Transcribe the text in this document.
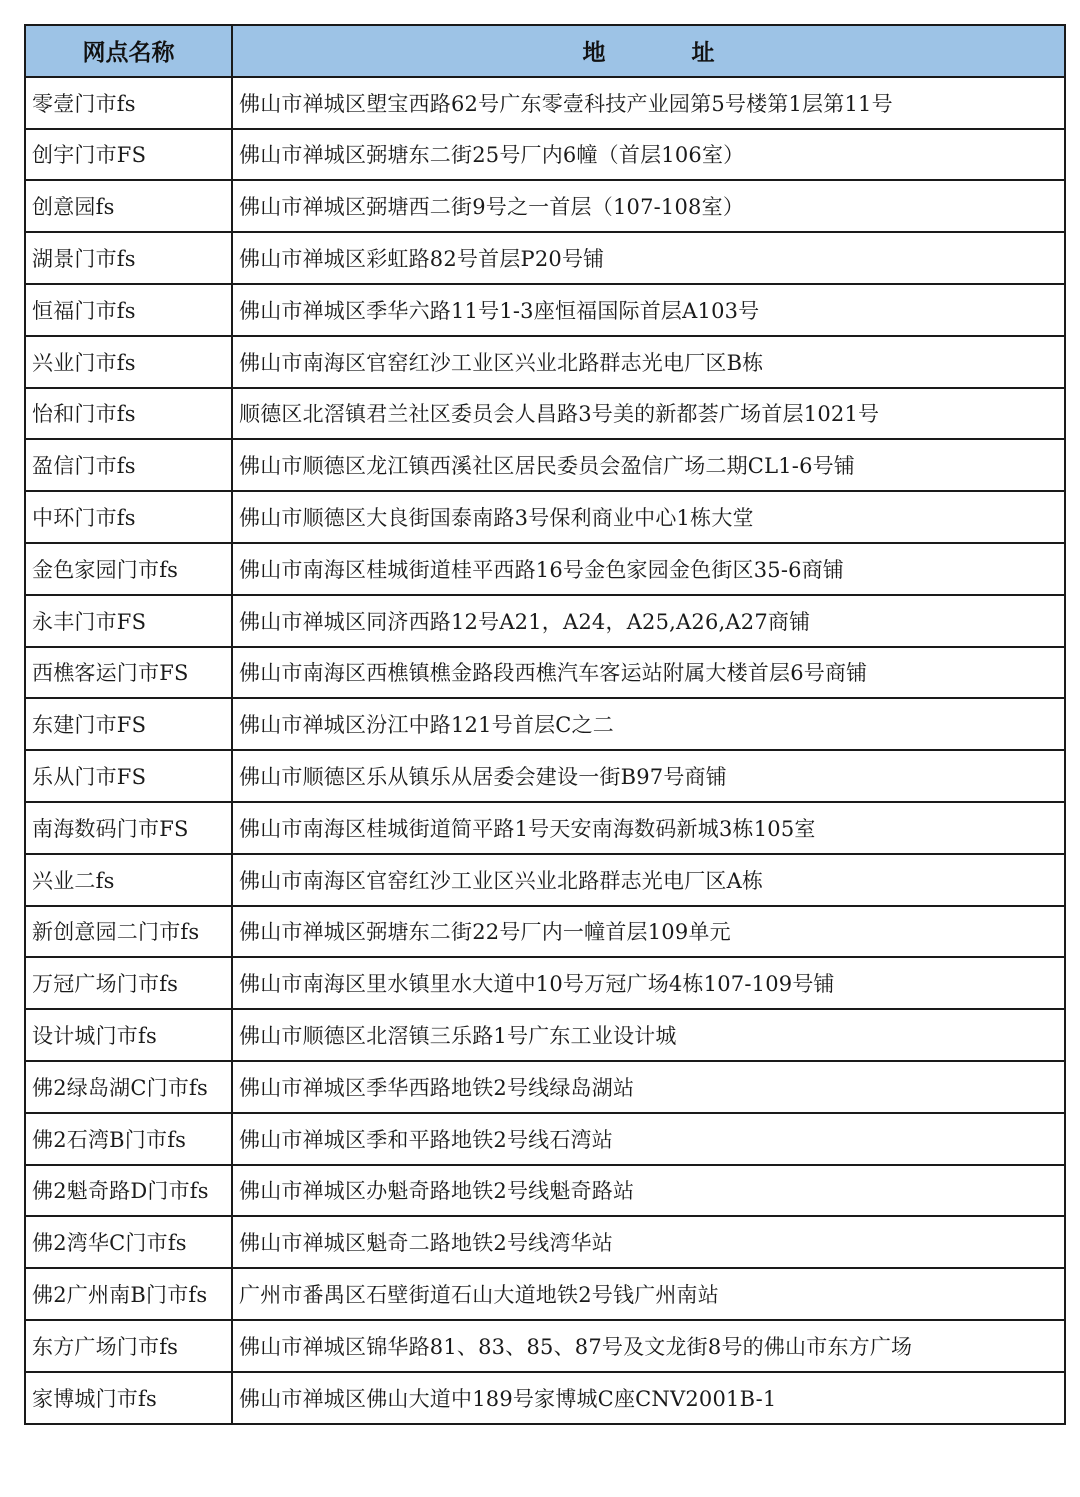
网点名称	地 址
零壹门市fs	佛山市禅城区塱宝西路62号广东零壹科技产业园第5号楼第1层第11号
创宇门市FS	佛山市禅城区弼塘东二街25号厂内6幢（首层106室）
创意园fs	佛山市禅城区弼塘西二街9号之一首层（107-108室）
湖景门市fs	佛山市禅城区彩虹路82号首层P20号铺
恒福门市fs	佛山市禅城区季华六路11号1-3座恒福国际首层A103号
兴业门市fs	佛山市南海区官窑红沙工业区兴业北路群志光电厂区B栋
怡和门市fs	顺德区北滘镇君兰社区委员会人昌路3号美的新都荟广场首层1021号
盈信门市fs	佛山市顺德区龙江镇西溪社区居民委员会盈信广场二期CL1-6号铺
中环门市fs	佛山市顺德区大良街国泰南路3号保利商业中心1栋大堂
金色家园门市fs	佛山市南海区桂城街道桂平西路16号金色家园金色街区35-6商铺
永丰门市FS	佛山市禅城区同济西路12号A21，A24，A25,A26,A27商铺
西樵客运门市FS	佛山市南海区西樵镇樵金路段西樵汽车客运站附属大楼首层6号商铺
东建门市FS	佛山市禅城区汾江中路121号首层C之二
乐从门市FS	佛山市顺德区乐从镇乐从居委会建设一街B97号商铺
南海数码门市FS	佛山市南海区桂城街道简平路1号天安南海数码新城3栋105室
兴业二fs	佛山市南海区官窑红沙工业区兴业北路群志光电厂区A栋
新创意园二门市fs	佛山市禅城区弼塘东二街22号厂内一幢首层109单元
万冠广场门市fs	佛山市南海区里水镇里水大道中10号万冠广场4栋107-109号铺
设计城门市fs	佛山市顺德区北滘镇三乐路1号广东工业设计城
佛2绿岛湖C门市fs	佛山市禅城区季华西路地铁2号线绿岛湖站
佛2石湾B门市fs	佛山市禅城区季和平路地铁2号线石湾站
佛2魁奇路D门市fs	佛山市禅城区办魁奇路地铁2号线魁奇路站
佛2湾华C门市fs	佛山市禅城区魁奇二路地铁2号线湾华站
佛2广州南B门市fs	广州市番禺区石壁街道石山大道地铁2号钱广州南站
东方广场门市fs	佛山市禅城区锦华路81、83、85、87号及文龙街8号的佛山市东方广场
家博城门市fs	佛山市禅城区佛山大道中189号家博城C座CNV2001B-1
